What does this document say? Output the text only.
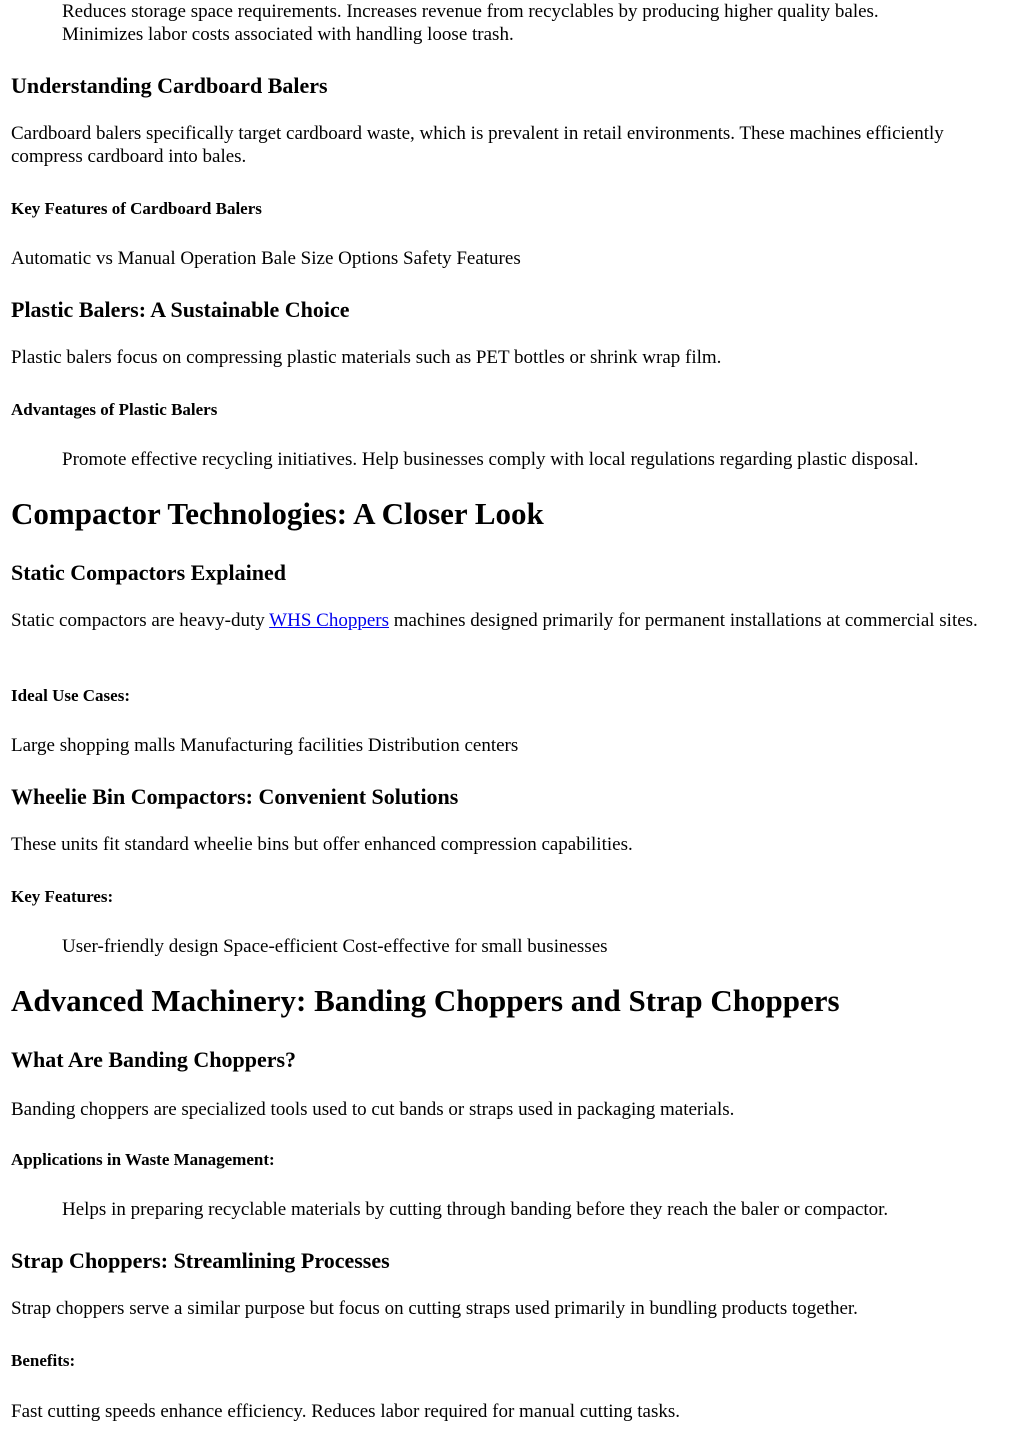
Reduces storage space requirements. Increases revenue from recyclables by producing higher quality bales. Minimizes labor costs associated with handling loose trash.

Understanding Cardboard Balers

Cardboard balers specifically target cardboard waste, which is prevalent in retail environments. These machines efficiently compress cardboard into bales.

Key Features of Cardboard Balers

Automatic vs Manual Operation Bale Size Options Safety Features

Plastic Balers: A Sustainable Choice

Plastic balers focus on compressing plastic materials such as PET bottles or shrink wrap film.

Advantages of Plastic Balers

Promote effective recycling initiatives. Help businesses comply with local regulations regarding plastic disposal.

Compactor Technologies: A Closer Look
Static Compactors Explained

Static compactors are heavy-duty WHS Choppers machines designed primarily for permanent installations at commercial sites.

Ideal Use Cases:

Large shopping malls Manufacturing facilities Distribution centers

Wheelie Bin Compactors: Convenient Solutions

These units fit standard wheelie bins but offer enhanced compression capabilities.

Key Features:

User-friendly design Space-efficient Cost-effective for small businesses

Advanced Machinery: Banding Choppers and Strap Choppers
What Are Banding Choppers?

Banding choppers are specialized tools used to cut bands or straps used in packaging materials.

Applications in Waste Management:

Helps in preparing recyclable materials by cutting through banding before they reach the baler or compactor.

Strap Choppers: Streamlining Processes

Strap choppers serve a similar purpose but focus on cutting straps used primarily in bundling products together.

Benefits:

Fast cutting speeds enhance efficiency. Reduces labor required for manual cutting tasks.
